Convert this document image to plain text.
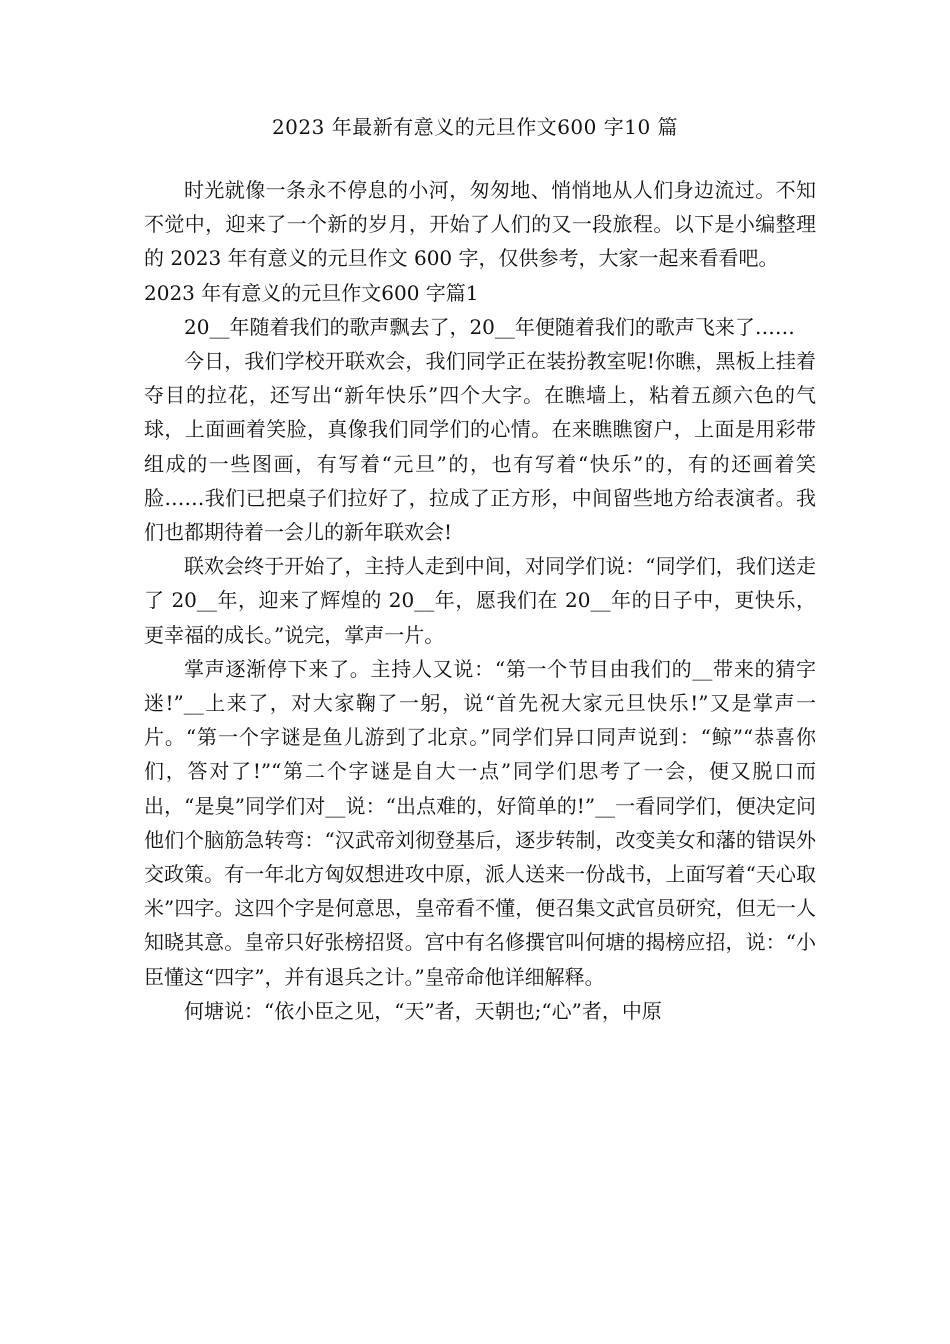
2023 年最新有意义的元旦作文600 字10 篇

时光就像一条永不停息的小河，匆匆地、悄悄地从人们身边流过。不知不觉中，迎来了一个新的岁月，开始了人们的又一段旅程。以下是小编整理的 2023 年有意义的元旦作文 600 字，仅供参考，大家一起来看看吧。

2023 年有意义的元旦作文600 字篇1

20__年随着我们的歌声飘去了，20__年便随着我们的歌声飞来了……

今日，我们学校开联欢会，我们同学正在装扮教室呢!你瞧，黑板上挂着夺目的拉花，还写出“新年快乐”四个大字。在瞧墙上，粘着五颜六色的气球，上面画着笑脸，真像我们同学们的心情。在来瞧瞧窗户，上面是用彩带组成的一些图画，有写着“元旦”的，也有写着“快乐”的，有的还画着笑脸……我们已把桌子们拉好了，拉成了正方形，中间留些地方给表演者。我们也都期待着一会儿的新年联欢会!

联欢会终于开始了，主持人走到中间，对同学们说：“同学们，我们送走了 20__年，迎来了辉煌的 20__年，愿我们在 20__年的日子中，更快乐，更幸福的成长。”说完，掌声一片。

掌声逐渐停下来了。主持人又说：“第一个节目由我们的__带来的猜字迷!”__上来了，对大家鞠了一躬，说“首先祝大家元旦快乐!”又是掌声一片。“第一个字谜是鱼儿游到了北京。”同学们异口同声说到：“鲸”“恭喜你们，答对了!”“第二个字谜是自大一点”同学们思考了一会，便又脱口而出，“是臭”同学们对__说：“出点难的，好简单的!”__一看同学们，便决定问他们个脑筋急转弯：“汉武帝刘彻登基后，逐步转制，改变美女和藩的错误外交政策。有一年北方匈奴想进攻中原，派人送来一份战书，上面写着“天心取米”四字。这四个字是何意思，皇帝看不懂，便召集文武官员研究，但无一人知晓其意。皇帝只好张榜招贤。宫中有名修撰官叫何塘的揭榜应招，说：“小臣懂这“四字”，并有退兵之计。”皇帝命他详细解释。

何塘说：“依小臣之见，“天”者，天朝也;“心”者，中原
